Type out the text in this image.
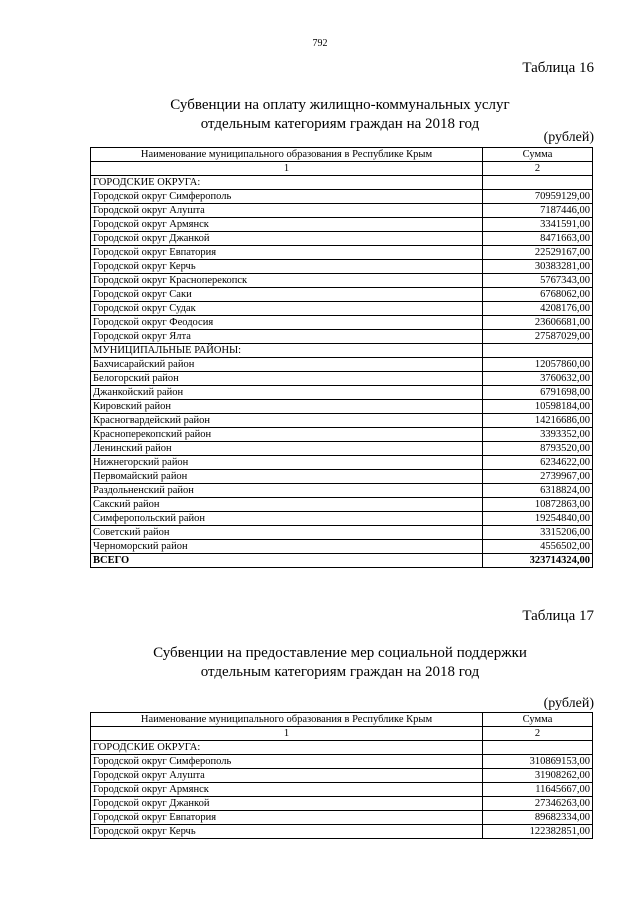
792
Таблица 16
Субвенции на оплату жилищно-коммунальных услуг
отдельным категориям граждан на 2018 год
(рублей)
Наименование муниципального образования в Республике Крым	Сумма
1	2
ГОРОДСКИЕ ОКРУГА:	
Городской округ Симферополь	70959129,00
Городской округ Алушта	7187446,00
Городской округ Армянск	3341591,00
Городской округ Джанкой	8471663,00
Городской округ Евпатория	22529167,00
Городской округ Керчь	30383281,00
Городской округ Красноперекопск	5767343,00
Городской округ Саки	6768062,00
Городской округ Судак	4208176,00
Городской округ Феодосия	23606681,00
Городской округ Ялта	27587029,00
МУНИЦИПАЛЬНЫЕ РАЙОНЫ:	
Бахчисарайский район	12057860,00
Белогорский район	3760632,00
Джанкойский район	6791698,00
Кировский район	10598184,00
Красногвардейский район	14216686,00
Красноперекопский район	3393352,00
Ленинский район	8793520,00
Нижнегорский район	6234622,00
Первомайский район	2739967,00
Раздольненский район	6318824,00
Сакский район	10872863,00
Симферопольский район	19254840,00
Советский район	3315206,00
Черноморский район	4556502,00
ВСЕГО	323714324,00
Таблица 17
Субвенции на предоставление мер социальной поддержки
отдельным категориям граждан на 2018 год
(рублей)
Наименование муниципального образования в Республике Крым	Сумма
1	2
ГОРОДСКИЕ ОКРУГА:	
Городской округ Симферополь	310869153,00
Городской округ Алушта	31908262,00
Городской округ Армянск	11645667,00
Городской округ Джанкой	27346263,00
Городской округ Евпатория	89682334,00
Городской округ Керчь	122382851,00
